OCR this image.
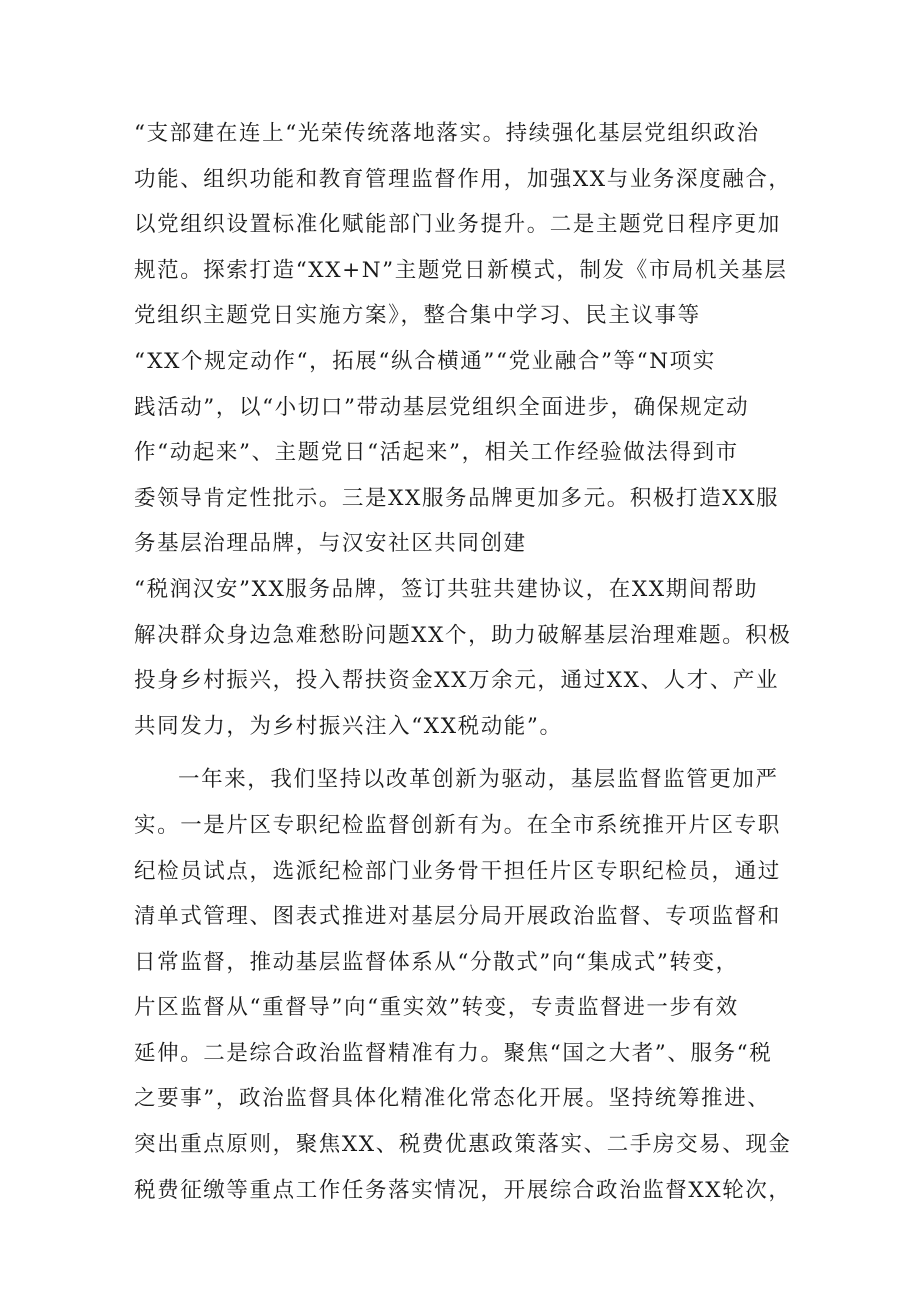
“支部建在连上“光荣传统落地落实。持续强化基层党组织政治
功能、组织功能和教育管理监督作用，加强XX与业务深度融合，
以党组织设置标准化赋能部门业务提升。二是主题党日程序更加
规范。探索打造“XX+N”主题党日新模式，制发《市局机关基层
党组织主题党日实施方案》，整合集中学习、民主议事等
“XX个规定动作“，拓展“纵合横通”“党业融合”等“N项实
践活动”，以“小切口”带动基层党组织全面进步，确保规定动
作“动起来”、主题党日“活起来”，相关工作经验做法得到市
委领导肯定性批示。三是XX服务品牌更加多元。积极打造XX服
务基层治理品牌，与汉安社区共同创建
“税润汉安”XX服务品牌，签订共驻共建协议，在XX期间帮助
解决群众身边急难愁盼问题XX个，助力破解基层治理难题。积极
投身乡村振兴，投入帮扶资金XX万余元，通过XX、人才、产业
共同发力，为乡村振兴注入“XX税动能”。
一年来，我们坚持以改革创新为驱动，基层监督监管更加严
实。一是片区专职纪检监督创新有为。在全市系统推开片区专职
纪检员试点，选派纪检部门业务骨干担任片区专职纪检员，通过
清单式管理、图表式推进对基层分局开展政治监督、专项监督和
日常监督，推动基层监督体系从“分散式”向“集成式”转变，
片区监督从“重督导”向“重实效”转变，专责监督进一步有效
延伸。二是综合政治监督精准有力。聚焦“国之大者”、服务“税
之要事”，政治监督具体化精准化常态化开展。坚持统筹推进、
突出重点原则，聚焦XX、税费优惠政策落实、二手房交易、现金
税费征缴等重点工作任务落实情况，开展综合政治监督XX轮次，
